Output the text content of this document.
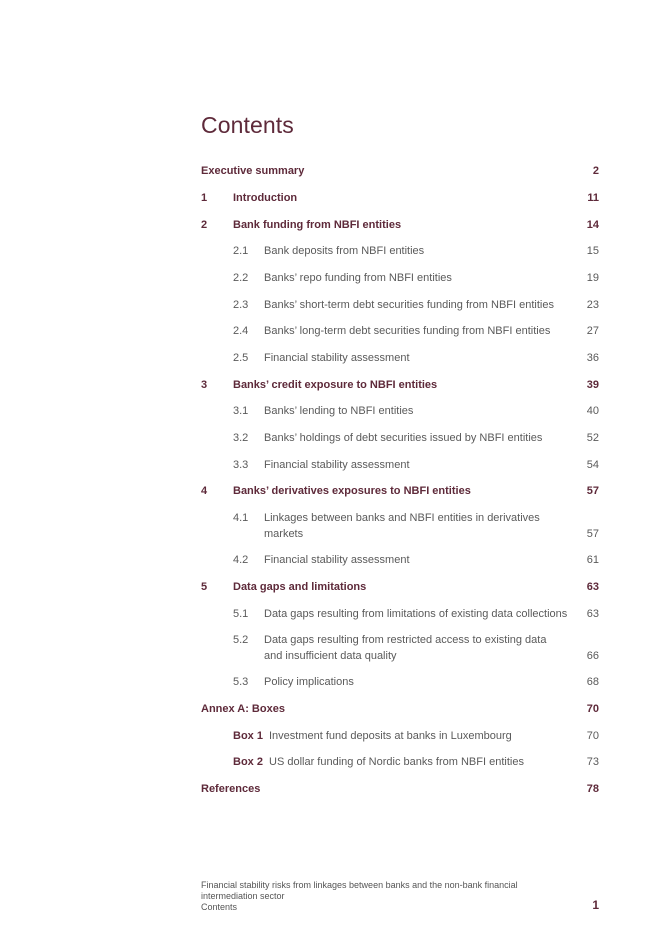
Contents
Executive summary	2
1 Introduction	11
2 Bank funding from NBFI entities	14
2.1 Bank deposits from NBFI entities	15
2.2 Banks’ repo funding from NBFI entities	19
2.3 Banks’ short-term debt securities funding from NBFI entities	23
2.4 Banks’ long-term debt securities funding from NBFI entities	27
2.5 Financial stability assessment	36
3 Banks’ credit exposure to NBFI entities	39
3.1 Banks’ lending to NBFI entities	40
3.2 Banks’ holdings of debt securities issued by NBFI entities	52
3.3 Financial stability assessment	54
4 Banks’ derivatives exposures to NBFI entities	57
4.1 Linkages between banks and NBFI entities in derivatives markets	57
4.2 Financial stability assessment	61
5 Data gaps and limitations	63
5.1 Data gaps resulting from limitations of existing data collections	63
5.2 Data gaps resulting from restricted access to existing data and insufficient data quality	66
5.3 Policy implications	68
Annex A: Boxes	70
Box 1 Investment fund deposits at banks in Luxembourg	70
Box 2 US dollar funding of Nordic banks from NBFI entities	73
References	78
Financial stability risks from linkages between banks and the non-bank financial
intermediation sector
Contents	1
